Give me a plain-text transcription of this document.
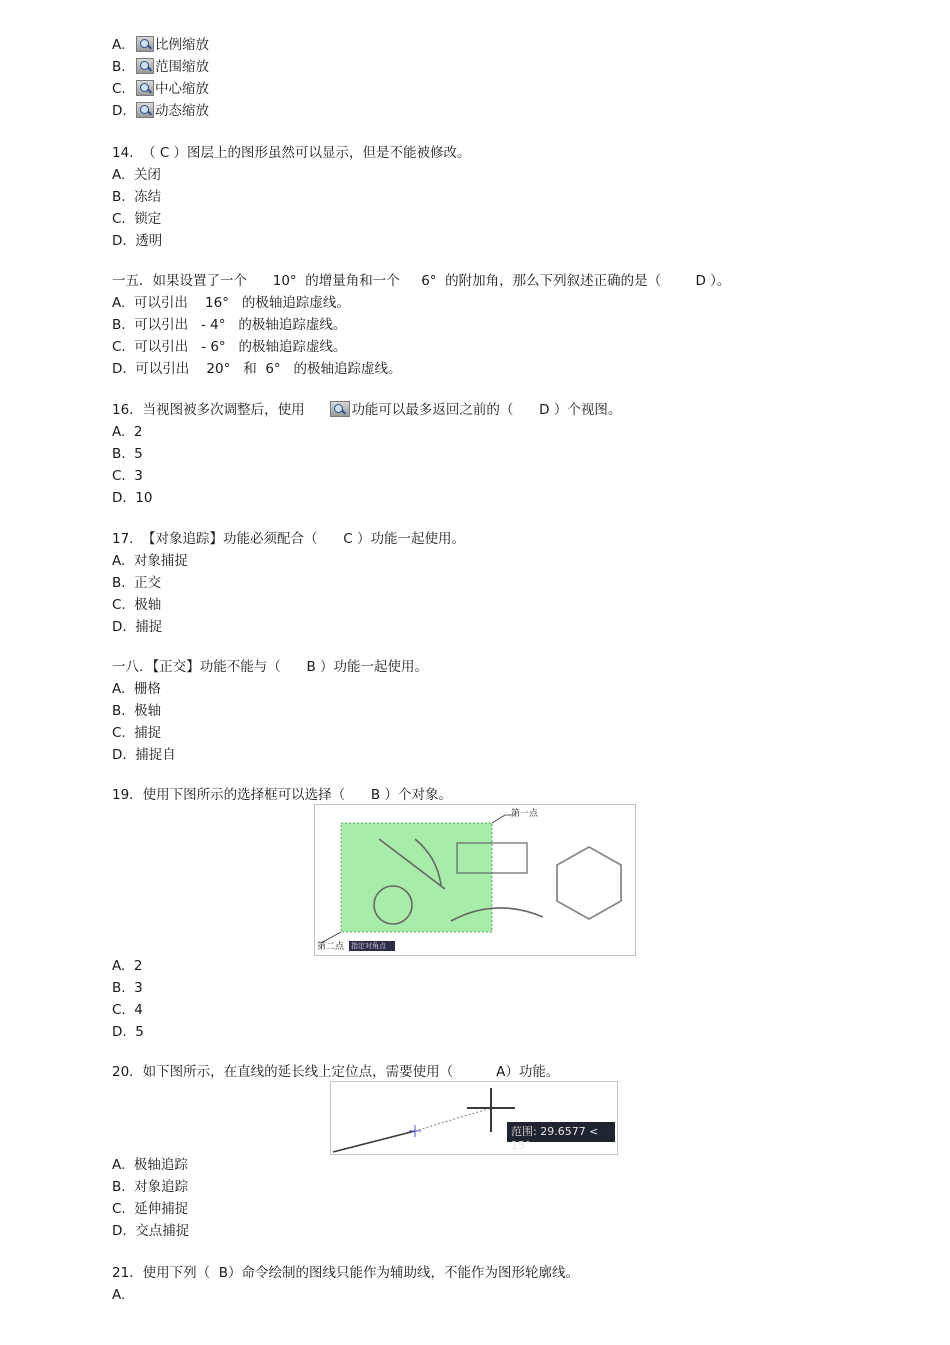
A. 比例缩放
B. 范围缩放
C. 中心缩放
D. 动态缩放
14.  （ C ）图层上的图形虽然可以显示，但是不能被修改。
A.  关闭
B.  冻结
C.  锁定
D.  透明
一五．如果设置了一个      10°  的增量角和一个     6°  的附加角，那么下列叙述正确的是（        D ）。
A.  可以引出    16°   的极轴追踪虚线。
B.  可以引出   - 4°   的极轴追踪虚线。
C.  可以引出   - 6°   的极轴追踪虚线。
D.  可以引出    20°   和  6°   的极轴追踪虚线。
16．当视图被多次调整后，使用      功能可以最多返回之前的（      D ）个视图。
A.  2
B.  5
C.  3
D.  10
17.  【对象追踪】功能必须配合（      C ）功能一起使用。
A.  对象捕捉
B.  正交
C.  极轴
D.  捕捉
一八．【正交】功能不能与（      B ）功能一起使用。
A.  栅格
B.  极轴
C.  捕捉
D.  捕捉自
19．使用下图所示的选择框可以选择（      B ）个对象。
第一点
第二点 指定对角点
A.  2
B.  3
C.  4
D.  5
20．如下图所示，在直线的延长线上定位点，需要使用（          A）功能。
范围: 29.6577 < 15°
A.  极轴追踪
B.  对象追踪
C.  延伸捕捉
D.  交点捕捉
21．使用下列（  B）命令绘制的图线只能作为辅助线，不能作为图形轮廓线。
A.
